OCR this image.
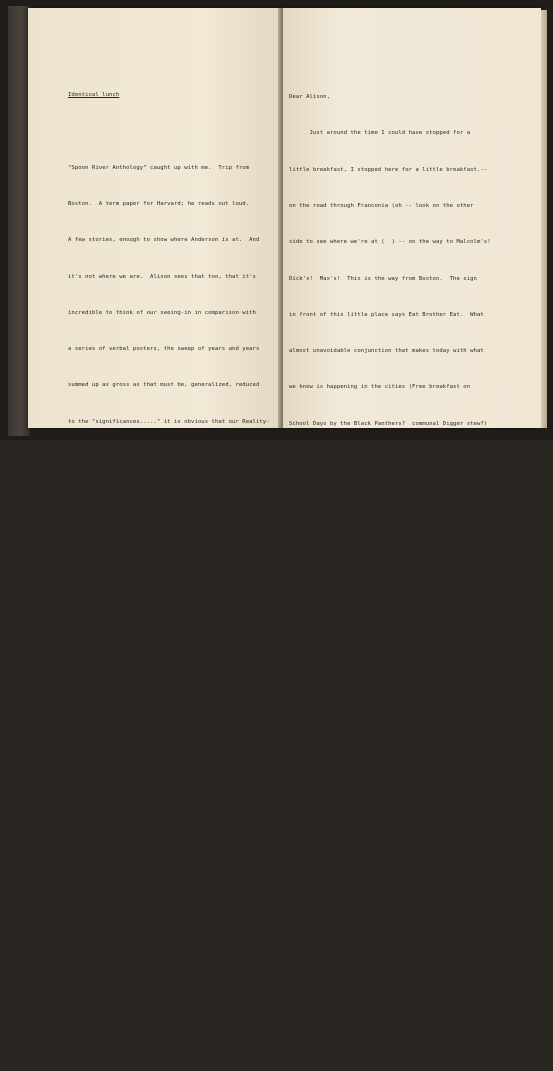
Identical lunch

"Spoon River Anthology" caught up with me.  Trip from

Boston.  A term paper for Harvard; he reads out loud.

A few stories, enough to show where Anderson is at.  And

it's not where we are.  Alison sees that too, that it's

incredible to think of our seeing-in in comparison with

a series of verbal posters, the sweep of years and years

summed up as gross as that must be, generalized, reduced

to the "significances....." it is obvious that our Reality-

Filter is much finer than that.

Another lunch........I've forgotten about.  Forget it.

Dear Alison,

Just around the time I could have stopped for a

little breakfast, I stopped here for a little breakfast.--

on the road through Franconia (oh -- look on the other

side to see where we're at (  ) -- on the way to Malcolm's!

Dick's!  Max's!  This is the way from Boston.  The sign

in front of this little place says Eat Brother Eat.  What

almost unavoidable conjunction that makes today with what

we know is happening in the cities (Free breakfast on

School Days by the Black Panthers?  communal Digger stew?)

That makes me think of I PM in Peekskill two summers ago,

the summer of the riots, when we found open, the only place

open, to have something to eat, a soul food place on an

unlit street, a good place to eat, some of the "brothers"

coming in, juke box, some not so friendly glances, and the

woman there, good food!  saying when there was no one else

in the place and only  when there was no one else in the

place, (remember the stores in the ghettos that would put

"Soul Brother" signs in the windows to, hopefully, spare

themselves from looters) saying, "If they'll bust-up any

of those other places no reason why they won't bust me up

either."

"I know I'll have a cup of coffee right away."

"I'll bring you a cup right away, sir."  "Will you

have cream?"  "I'll bring a menu."  "Sir."  "There's a

dish of tapioca pudding left over from yesterday.  (fine)

Wait, I'd better have a look -- never know but that it
